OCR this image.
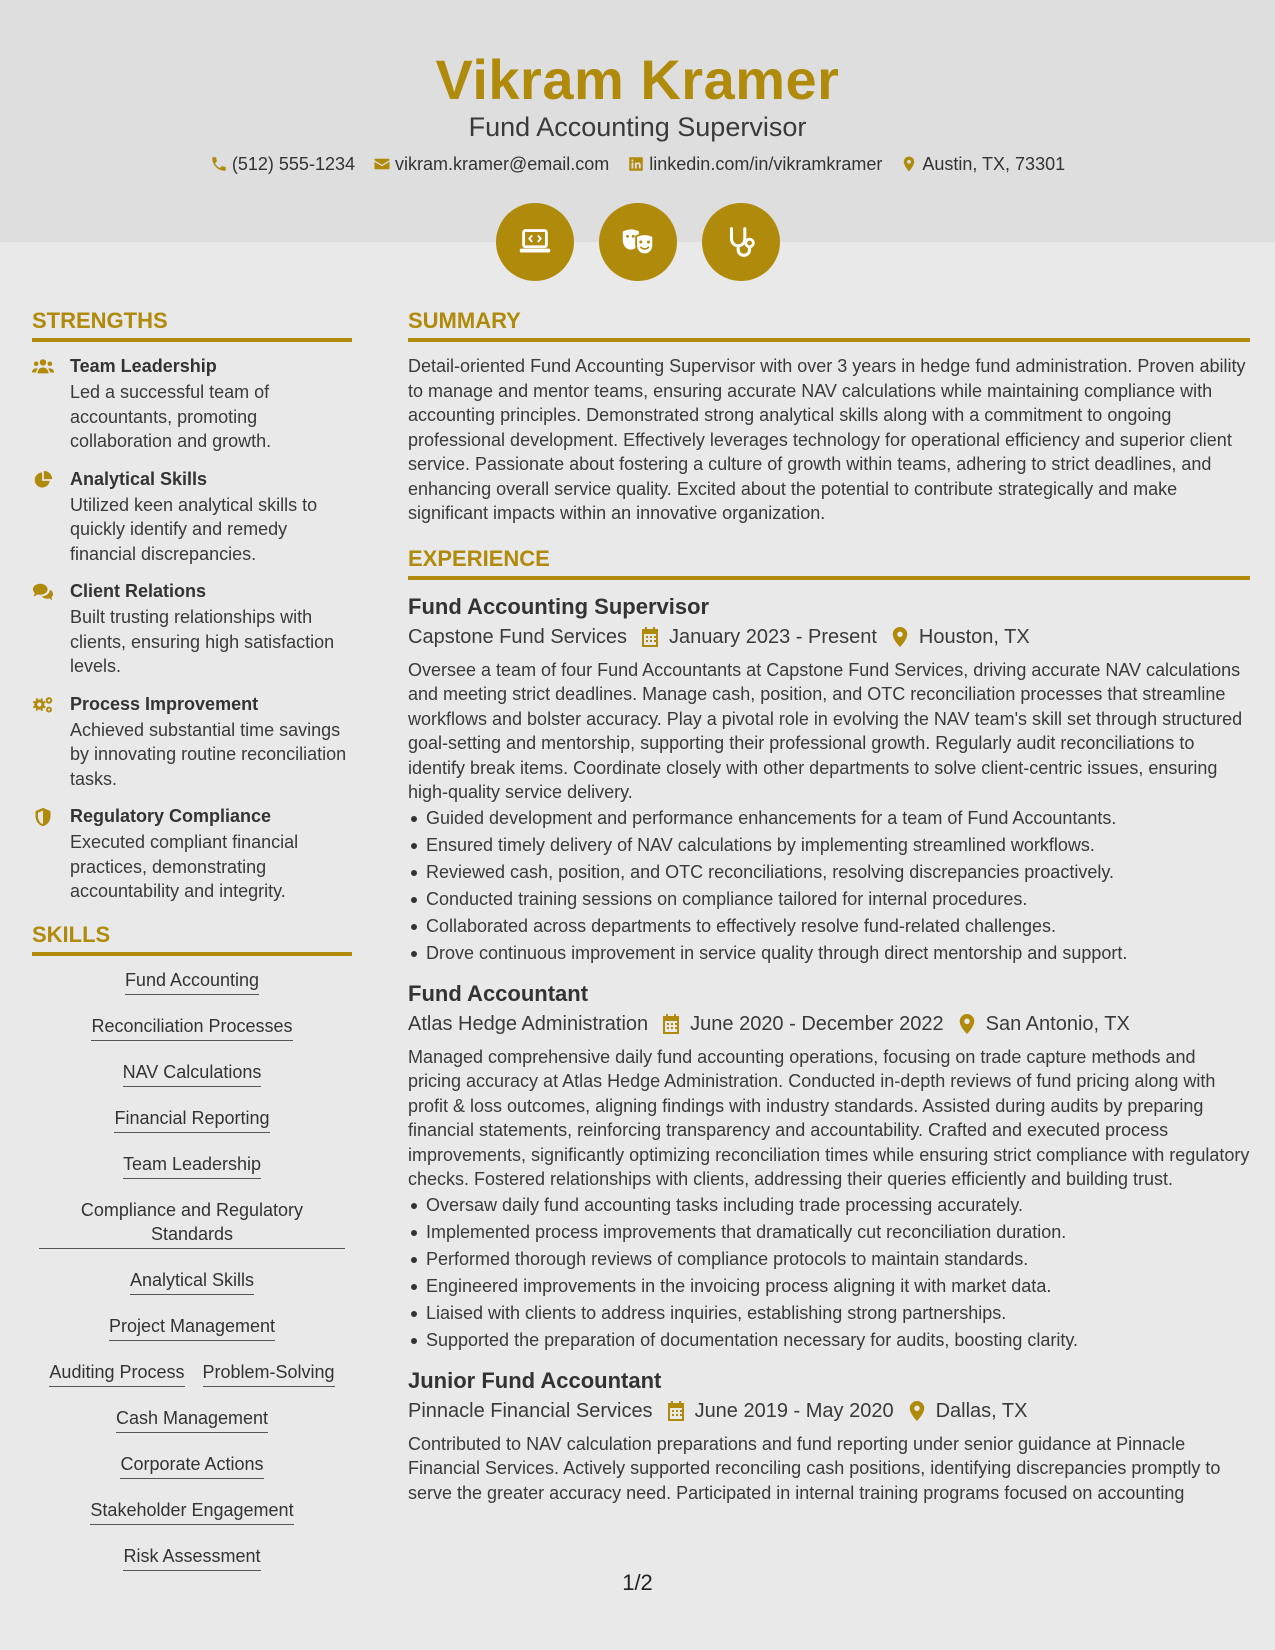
Vikram Kramer
Fund Accounting Supervisor
(512) 555-1234 vikram.kramer@email.com linkedin.com/in/vikramkramer Austin, TX, 73301
STRENGTHS
Team Leadership
Led a successful team of accountants, promoting collaboration and growth.
Analytical Skills
Utilized keen analytical skills to quickly identify and remedy financial discrepancies.
Client Relations
Built trusting relationships with clients, ensuring high satisfaction levels.
Process Improvement
Achieved substantial time savings by innovating routine reconciliation tasks.
Regulatory Compliance
Executed compliant financial practices, demonstrating accountability and integrity.
SKILLS
Fund Accounting
Reconciliation Processes
NAV Calculations
Financial Reporting
Team Leadership
Compliance and Regulatory Standards
Analytical Skills
Project Management
Auditing Process Problem-Solving
Cash Management
Corporate Actions
Stakeholder Engagement
Risk Assessment
SUMMARY
Detail-oriented Fund Accounting Supervisor with over 3 years in hedge fund administration. Proven ability to manage and mentor teams, ensuring accurate NAV calculations while maintaining compliance with accounting principles. Demonstrated strong analytical skills along with a commitment to ongoing professional development. Effectively leverages technology for operational efficiency and superior client service. Passionate about fostering a culture of growth within teams, adhering to strict deadlines, and enhancing overall service quality. Excited about the potential to contribute strategically and make significant impacts within an innovative organization.
EXPERIENCE
Fund Accounting Supervisor
Capstone Fund Services January 2023 - Present Houston, TX
Oversee a team of four Fund Accountants at Capstone Fund Services, driving accurate NAV calculations and meeting strict deadlines. Manage cash, position, and OTC reconciliation processes that streamline workflows and bolster accuracy. Play a pivotal role in evolving the NAV team's skill set through structured goal-setting and mentorship, supporting their professional growth. Regularly audit reconciliations to identify break items. Coordinate closely with other departments to solve client-centric issues, ensuring high-quality service delivery.
Guided development and performance enhancements for a team of Fund Accountants.
Ensured timely delivery of NAV calculations by implementing streamlined workflows.
Reviewed cash, position, and OTC reconciliations, resolving discrepancies proactively.
Conducted training sessions on compliance tailored for internal procedures.
Collaborated across departments to effectively resolve fund-related challenges.
Drove continuous improvement in service quality through direct mentorship and support.
Fund Accountant
Atlas Hedge Administration June 2020 - December 2022 San Antonio, TX
Managed comprehensive daily fund accounting operations, focusing on trade capture methods and pricing accuracy at Atlas Hedge Administration. Conducted in-depth reviews of fund pricing along with profit & loss outcomes, aligning findings with industry standards. Assisted during audits by preparing financial statements, reinforcing transparency and accountability. Crafted and executed process improvements, significantly optimizing reconciliation times while ensuring strict compliance with regulatory checks. Fostered relationships with clients, addressing their queries efficiently and building trust.
Oversaw daily fund accounting tasks including trade processing accurately.
Implemented process improvements that dramatically cut reconciliation duration.
Performed thorough reviews of compliance protocols to maintain standards.
Engineered improvements in the invoicing process aligning it with market data.
Liaised with clients to address inquiries, establishing strong partnerships.
Supported the preparation of documentation necessary for audits, boosting clarity.
Junior Fund Accountant
Pinnacle Financial Services June 2019 - May 2020 Dallas, TX
Contributed to NAV calculation preparations and fund reporting under senior guidance at Pinnacle Financial Services. Actively supported reconciling cash positions, identifying discrepancies promptly to serve the greater accuracy need. Participated in internal training programs focused on accounting
1/2
